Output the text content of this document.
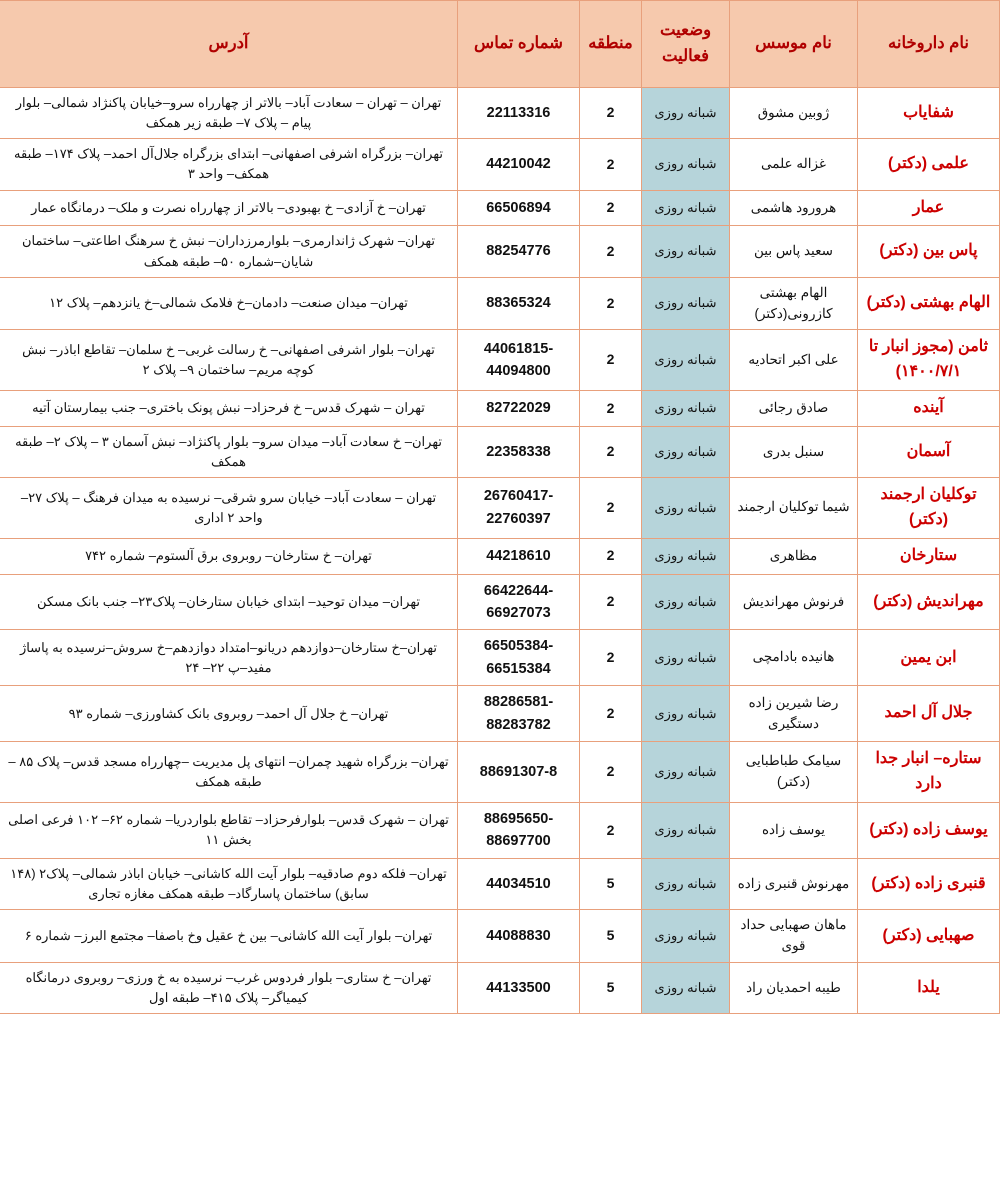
نام داروخانه	نام موسس	وضعیت فعالیت	منطقه	شماره تماس	آدرس
شفایاب	ژوبین مشوق	شبانه روزی	2	22113316	تهران – تهران – سعادت آباد– بالاتر از چهارراه سرو–خیابان پاکنژاد شمالی– بلوار پیام – پلاک ۷– طبقه زیر همکف
علمی (دکتر)	غزاله علمی	شبانه روزی	2	44210042	تهران– بزرگراه اشرفی اصفهانی– ابتدای بزرگراه جلال‌آل احمد– پلاک ۱۷۴– طبقه همکف– واحد ۳
عمار	هرورود هاشمی	شبانه روزی	2	66506894	تهران– خ آزادی– خ بهبودی– بالاتر از چهارراه نصرت و ملک– درمانگاه عمار
پاس بین (دکتر)	سعید پاس بین	شبانه روزی	2	88254776	تهران– شهرک ژاندارمری– بلوارمرزداران– نبش خ سرهنگ اطاعتی– ساختمان شایان–شماره ۵۰– طبقه همکف
الهام بهشتی (دکتر)	الهام بهشتی کازرونی(دکتر)	شبانه روزی	2	88365324	تهران– میدان صنعت– دادمان–خ فلامک شمالی–خ یانزدهم– پلاک ۱۲
ثامن (مجوز انبار تا ۱۴۰۰/۷/۱)	علی اکبر اتحادیه	شبانه روزی	2	44061815-44094800	تهران– بلوار اشرفی اصفهانی– خ رسالت غربی– خ سلمان– تقاطع اباذر– نبش کوچه مریم– ساختمان ۹– پلاک ۲
آینده	صادق رجائی	شبانه روزی	2	82722029	تهران – شهرک قدس– خ فرحزاد– نبش پونک باختری– جنب بیمارستان آتیه
آسمان	سنبل بدری	شبانه روزی	2	22358338	تهران– خ سعادت آباد– میدان سرو– بلوار پاکنژاد– نبش آسمان ۳ – پلاک ۲– طبقه همکف
توکلیان ارجمند (دکتر)	شیما توکلیان ارجمند	شبانه روزی	2	26760417-22760397	تهران – سعادت آباد– خیابان سرو شرقی– نرسیده به میدان فرهنگ – پلاک ۲۷– واحد ۲ اداری
ستارخان	مظاهری	شبانه روزی	2	44218610	تهران– خ ستارخان– روبروی برق آلستوم– شماره ۷۴۲
مهراندیش (دکتر)	فرنوش مهراندیش	شبانه روزی	2	66422644-66927073	تهران– میدان توحید– ابتدای خیابان ستارخان– پلاک۲۳– جنب بانک مسکن
ابن یمین	هانیده بادامچی	شبانه روزی	2	66505384-66515384	تهران–خ ستارخان–دوازدهم دریانو–امتداد دوازدهم–خ سروش–نرسیده به پاساژ مفید–پ ۲۲– ۲۴
جلال آل احمد	رضا شیرین زاده دستگیری	شبانه روزی	2	88286581-88283782	تهران– خ جلال آل احمد– روبروی بانک کشاورزی– شماره ۹۳
ستاره– انبار جدا دارد	سیامک طباطبایی (دکتر)	شبانه روزی	2	88691307-8	تهران– بزرگراه شهید چمران– انتهای پل مدیریت –چهارراه مسجد قدس– پلاک ۸۵ – طبقه همکف
یوسف زاده (دکتر)	یوسف زاده	شبانه روزی	2	88695650-88697700	تهران – شهرک قدس– بلوارفرحزاد– تقاطع بلواردریا– شماره ۶۲– ۱۰۲ فرعی اصلی بخش ۱۱
قنبری زاده (دکتر)	مهرنوش قنبری زاده	شبانه روزی	5	44034510	تهران– فلکه دوم صادقیه– بلوار آیت الله کاشانی– خیابان اباذر شمالی– پلاک۲ (۱۴۸ سابق) ساختمان پاسارگاد– طبقه همکف مغازه تجاری
صهبایی (دکتر)	ماهان صهبایی حداد قوی	شبانه روزی	5	44088830	تهران– بلوار آیت الله کاشانی– بین خ عقیل وخ باصفا– مجتمع البرز– شماره ۶
یلدا	طیبه احمدیان راد	شبانه روزی	5	44133500	تهران– خ ستاری– بلوار فردوس غرب– نرسیده به خ ورزی– روبروی درمانگاه کیمیاگر– پلاک ۴۱۵– طبقه اول
